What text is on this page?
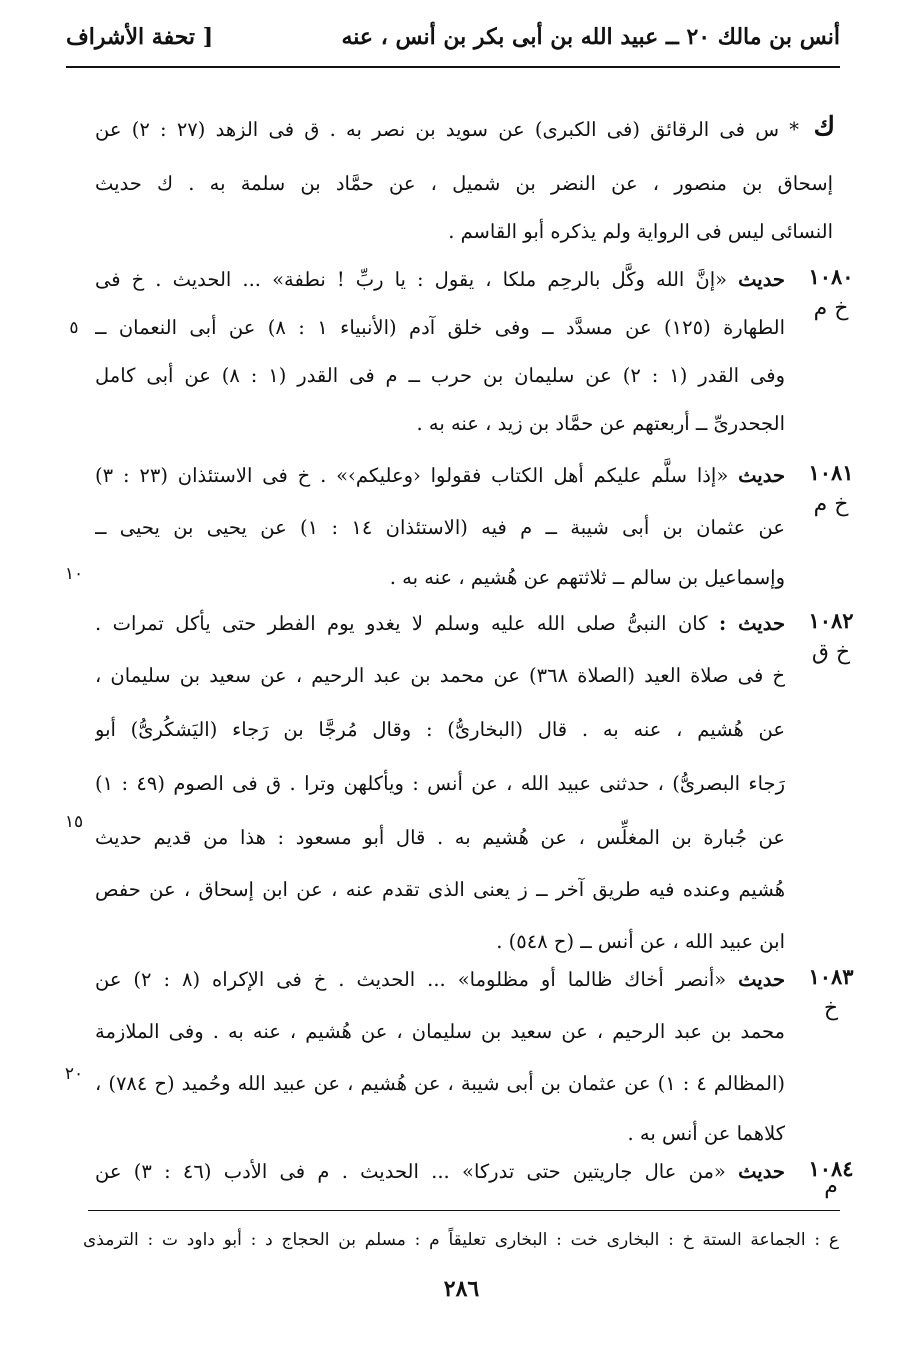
أنس بن مالك ٢٠ ــ عبيد الله بن أبى بكر بن أنس ، عنه
[ تحفة الأشراف
ك
* س فى الرقائق (فى الكبرى) عن سويد بن نصر به . ق فى الزهد (٢٧ : ٢) عن
إسحاق بن منصور ، عن النضر بن شميل ، عن حمَّاد بن سلمة به . ك حديث
النسائى ليس فى الرواية ولم يذكره أبو القاسم .
١٠٨٠
خ م
حديث «إنَّ الله وكَّل بالرحِم ملكا ، يقول : يا ربِّ ! نطفة» ... الحديث . خ فى
الطهارة (١٢٥) عن مسدَّد ــ وفى خلق آدم (الأنبياء ١ : ٨) عن أبى النعمان ــ
وفى القدر (١ : ٢) عن سليمان بن حرب ــ م فى القدر (١ : ٨) عن أبى كامل
الجحدرىِّ ــ أربعتهم عن حمَّاد بن زيد ، عنه به .
١٠٨١
خ م
حديث «إذا سلَّم عليكم أهل الكتاب فقولوا ‹وعليكم›» . خ فى الاستئذان (٢٣ : ٣)
عن عثمان بن أبى شيبة ــ م فيه (الاستئذان ١٤ : ١) عن يحيى بن يحيى ــ
وإسماعيل بن سالم ــ ثلاثتهم عن هُشيم ، عنه به .
١٠٨٢
خ ق
حديث : كان النبىُّ صلى الله عليه وسلم لا يغدو يوم الفطر حتى يأكل تمرات .
خ فى صلاة العيد (الصلاة ٣٦٨) عن محمد بن عبد الرحيم ، عن سعيد بن سليمان ،
عن هُشيم ، عنه به . قال (البخارىُّ) : وقال مُرجَّا بن رَجاء (اليَشكُرىُّ) أبو
رَجاء البصرىُّ) ، حدثنى عبيد الله ، عن أنس : ويأكلهن وترا . ق فى الصوم (٤٩ : ١)
عن جُبارة بن المغلِّس ، عن هُشيم به . قال أبو مسعود : هذا من قديم حديث
هُشيم وعنده فيه طريق آخر ــ ز يعنى الذى تقدم عنه ، عن ابن إسحاق ، عن حفص
ابن عبيد الله ، عن أنس ــ (ح ٥٤٨) .
١٠٨٣
خ
حديث «أنصر أخاك ظالما أو مظلوما» ... الحديث . خ فى الإكراه (٨ : ٢) عن
محمد بن عبد الرحيم ، عن سعيد بن سليمان ، عن هُشيم ، عنه به . وفى الملازمة
(المظالم ٤ : ١) عن عثمان بن أبى شيبة ، عن هُشيم ، عن عبيد الله وحُميد (ح ٧٨٤) ،
كلاهما عن أنس به .
١٠٨٤
م
حديث «من عال جاريتين حتى تدركا» ... الحديث . م فى الأدب (٤٦ : ٣) عن
٥
١٠
١٥
٢٠
ع : الجماعة الستة خ : البخارى خت : البخارى تعليقاً م : مسلم بن الحجاج د : أبو داود ت : الترمذى
٢٨٦
